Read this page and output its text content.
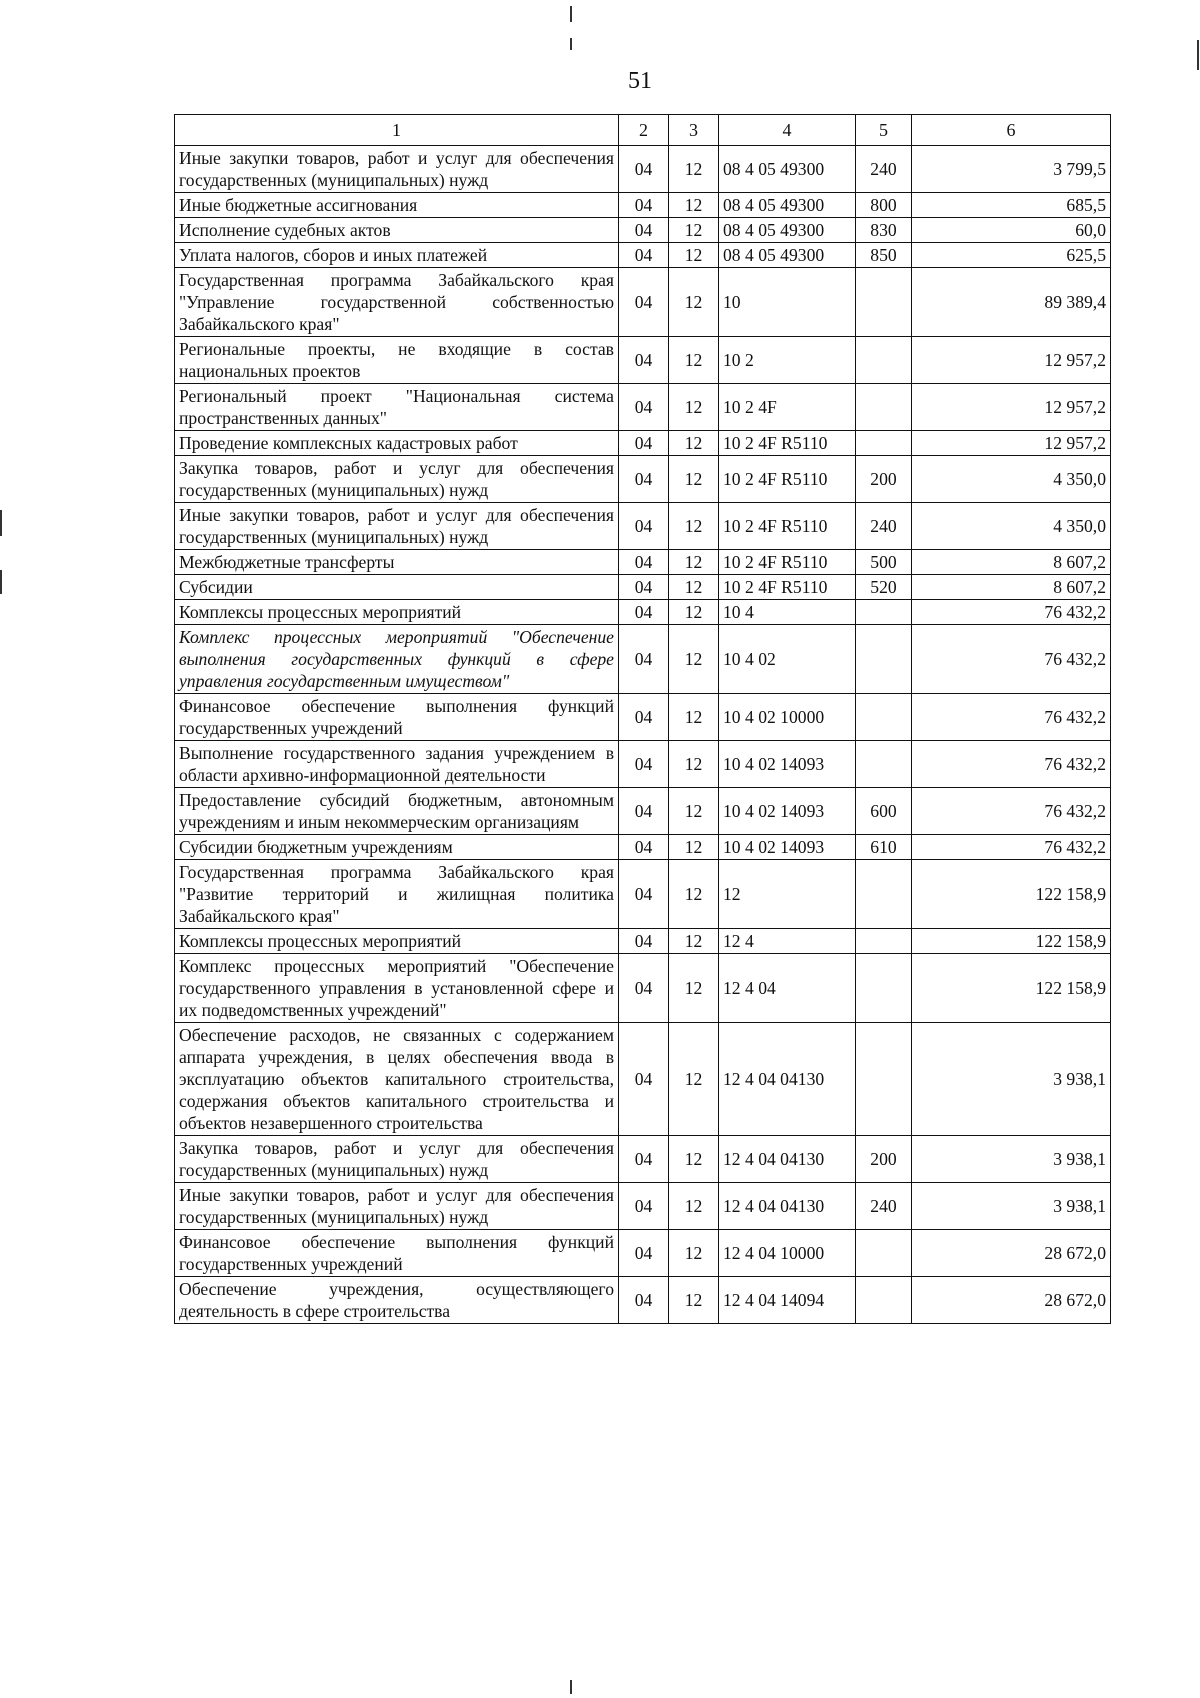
51
1	2	3	4	5	6
Иные закупки товаров, работ и услуг для обеспечения государственных (муниципальных) нужд	04	12	08 4 05 49300	240	3 799,5
Иные бюджетные ассигнования	04	12	08 4 05 49300	800	685,5
Исполнение судебных актов	04	12	08 4 05 49300	830	60,0
Уплата налогов, сборов и иных платежей	04	12	08 4 05 49300	850	625,5
Государственная программа Забайкальского края "Управление государственной собственностью Забайкальского края"	04	12	10		89 389,4
Региональные проекты, не входящие в состав национальных проектов	04	12	10 2		12 957,2
Региональный проект "Национальная система пространственных данных"	04	12	10 2 4F		12 957,2
Проведение комплексных кадастровых работ	04	12	10 2 4F R5110		12 957,2
Закупка товаров, работ и услуг для обеспечения государственных (муниципальных) нужд	04	12	10 2 4F R5110	200	4 350,0
Иные закупки товаров, работ и услуг для обеспечения государственных (муниципальных) нужд	04	12	10 2 4F R5110	240	4 350,0
Межбюджетные трансферты	04	12	10 2 4F R5110	500	8 607,2
Субсидии	04	12	10 2 4F R5110	520	8 607,2
Комплексы процессных мероприятий	04	12	10 4		76 432,2
Комплекс процессных мероприятий "Обеспечение выполнения государственных функций в сфере управления государственным имуществом"	04	12	10 4 02		76 432,2
Финансовое обеспечение выполнения функций государственных учреждений	04	12	10 4 02 10000		76 432,2
Выполнение государственного задания учреждением в области архивно-информационной деятельности	04	12	10 4 02 14093		76 432,2
Предоставление субсидий бюджетным, автономным учреждениям и иным некоммерческим организациям	04	12	10 4 02 14093	600	76 432,2
Субсидии бюджетным учреждениям	04	12	10 4 02 14093	610	76 432,2
Государственная программа Забайкальского края "Развитие территорий и жилищная политика Забайкальского края"	04	12	12		122 158,9
Комплексы процессных мероприятий	04	12	12 4		122 158,9
Комплекс процессных мероприятий "Обеспечение государственного управления в установленной сфере и их подведомственных учреждений"	04	12	12 4 04		122 158,9
Обеспечение расходов, не связанных с содержанием аппарата учреждения, в целях обеспечения ввода в эксплуатацию объектов капитального строительства, содержания объектов капитального строительства и объектов незавершенного строительства	04	12	12 4 04 04130		3 938,1
Закупка товаров, работ и услуг для обеспечения государственных (муниципальных) нужд	04	12	12 4 04 04130	200	3 938,1
Иные закупки товаров, работ и услуг для обеспечения государственных (муниципальных) нужд	04	12	12 4 04 04130	240	3 938,1
Финансовое обеспечение выполнения функций государственных учреждений	04	12	12 4 04 10000		28 672,0
Обеспечение учреждения, осуществляющего деятельность в сфере строительства	04	12	12 4 04 14094		28 672,0
